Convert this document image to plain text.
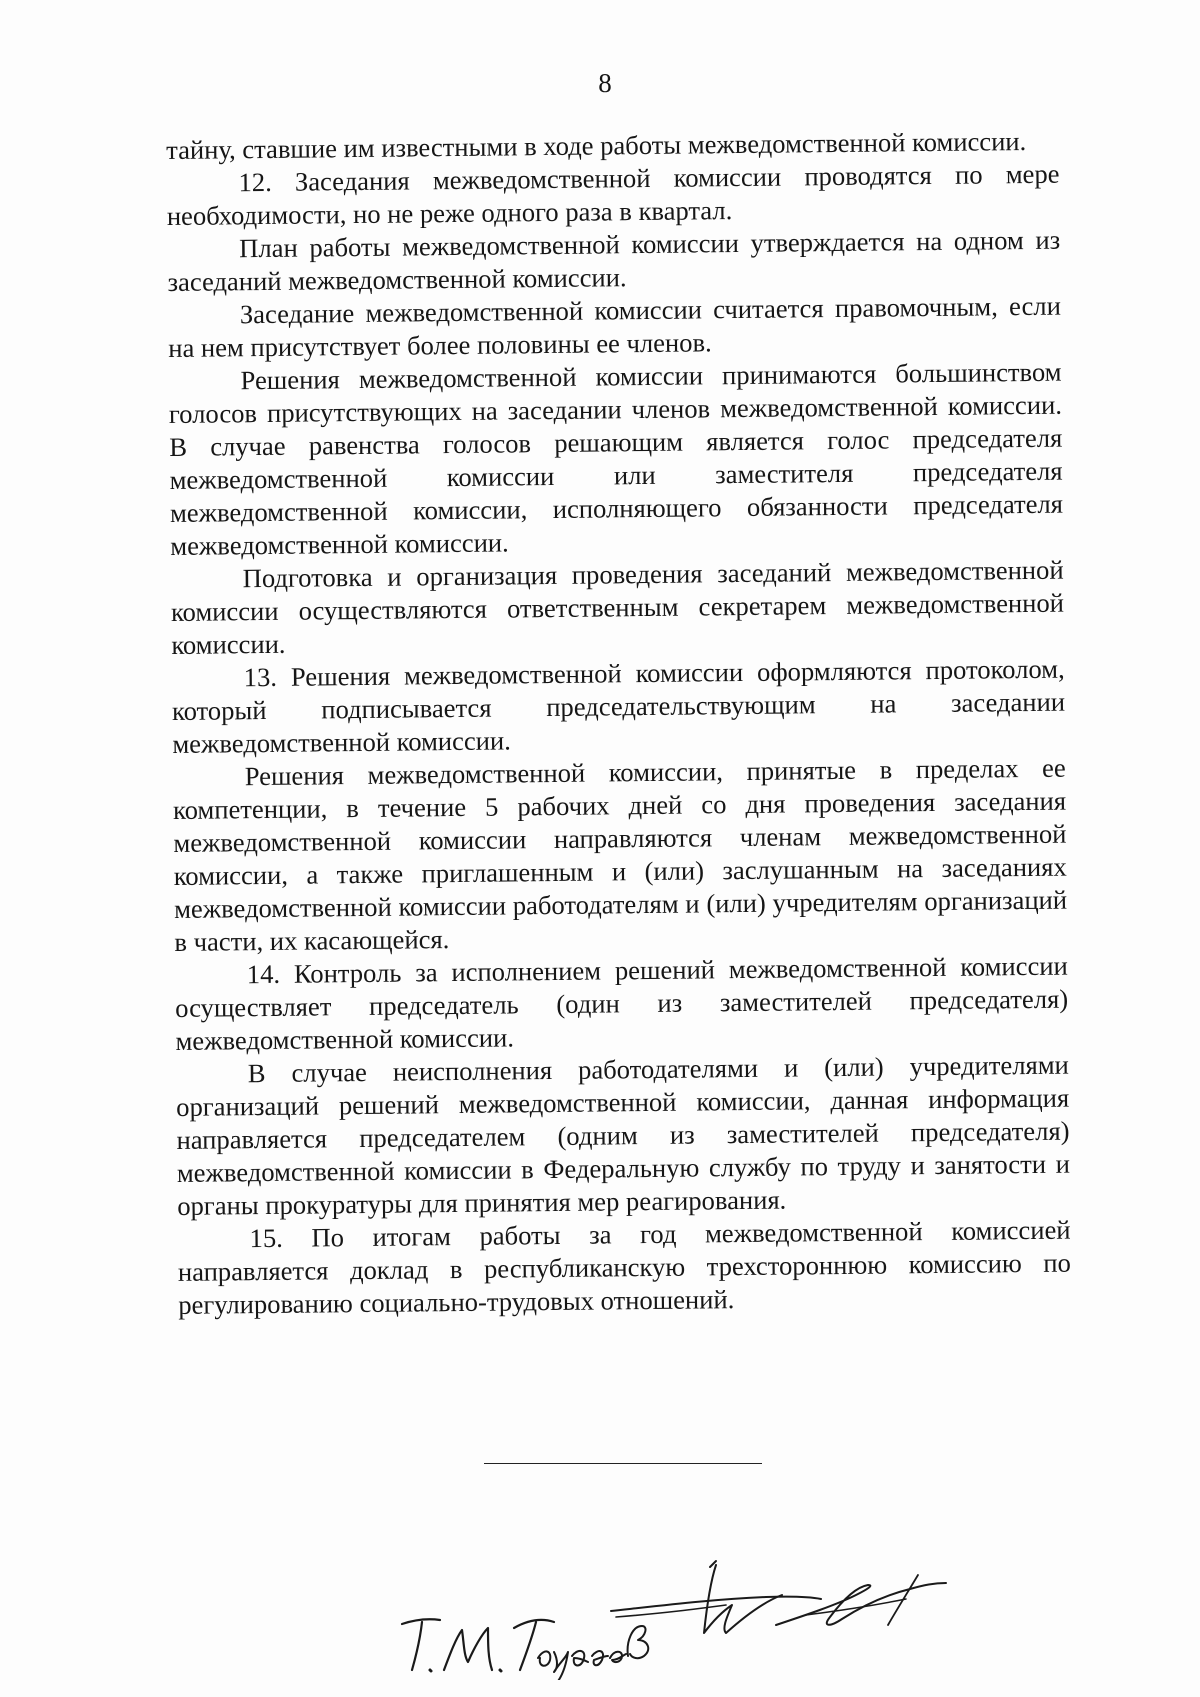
8

тайну, ставшие им известными в ходе работы межведомственной комиссии.

12. Заседания межведомственной комиссии проводятся по мере необходимости, но не реже одного раза в квартал.

План работы межведомственной комиссии утверждается на одном из заседаний межведомственной комиссии.

Заседание межведомственной комиссии считается правомочным, если на нем присутствует более половины ее членов.

Решения межведомственной комиссии принимаются большинством голосов присутствующих на заседании членов межведомственной комиссии. В случае равенства голосов решающим является голос председателя межведомственной комиссии или заместителя председателя межведомственной комиссии, исполняющего обязанности председателя межведомственной комиссии.

Подготовка и организация проведения заседаний межведомственной комиссии осуществляются ответственным секретарем межведомственной комиссии.

13. Решения межведомственной комиссии оформляются протоколом, который подписывается председательствующим на заседании межведомственной комиссии.

Решения межведомственной комиссии, принятые в пределах ее компетенции, в течение 5 рабочих дней со дня проведения заседания межведомственной комиссии направляются членам межведомственной комиссии, а также приглашенным и (или) заслушанным на заседаниях межведомственной комиссии работодателям и (или) учредителям организаций в части, их касающейся.

14. Контроль за исполнением решений межведомственной комиссии осуществляет председатель (один из заместителей председателя) межведомственной комиссии.

В случае неисполнения работодателями и (или) учредителями организаций решений межведомственной комиссии, данная информация направляется председателем (одним из заместителей председателя) межведомственной комиссии в Федеральную службу по труду и занятости и органы прокуратуры для принятия мер реагирования.

15. По итогам работы за год межведомственной комиссией направляется доклад в республиканскую трехстороннюю комиссию по регулированию социально-трудовых отношений.
